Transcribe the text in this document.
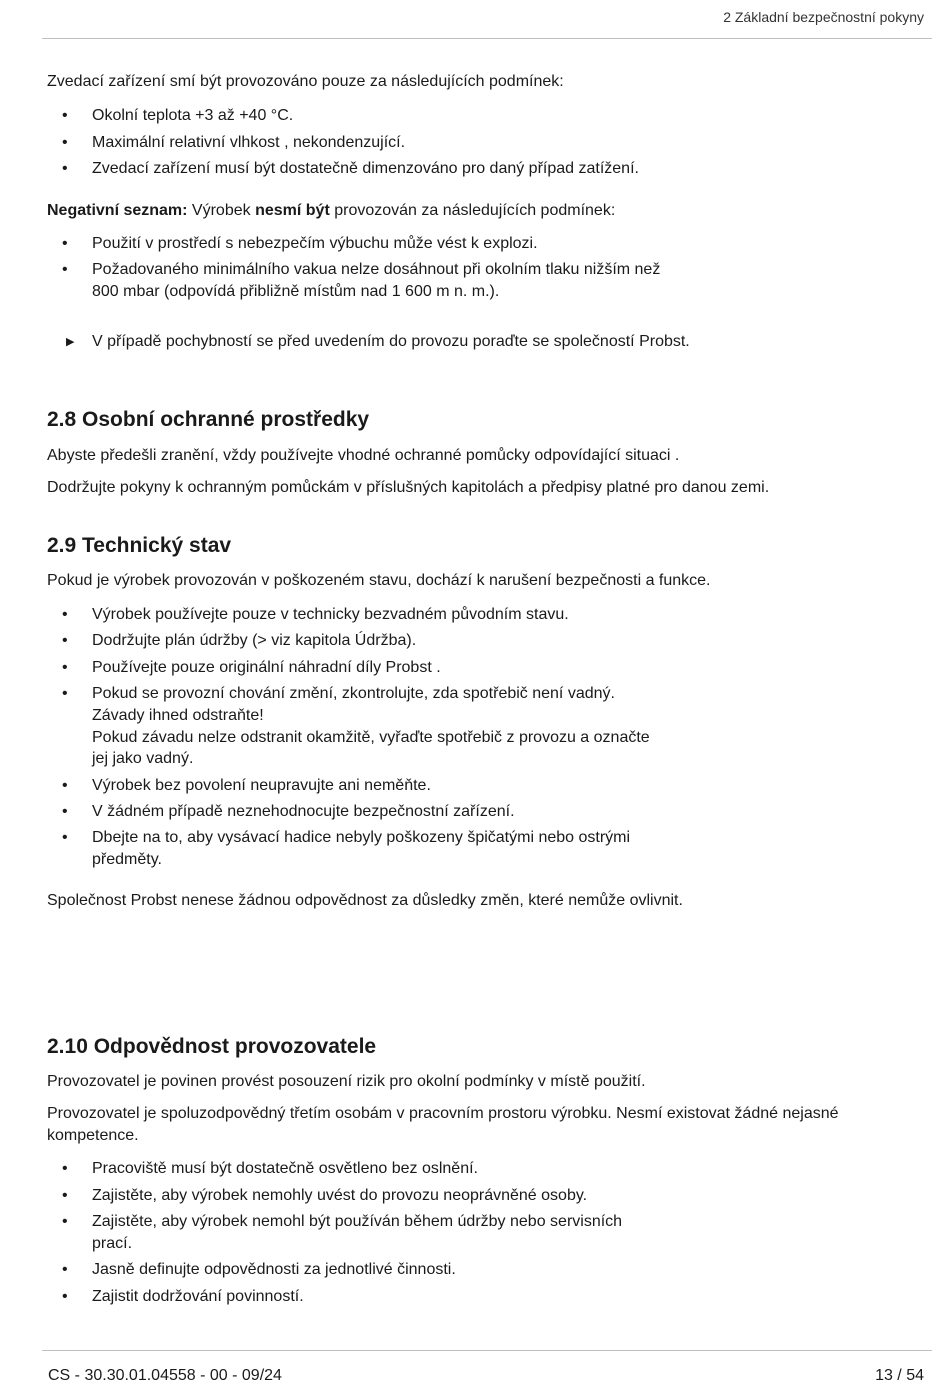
2 Základní bezpečnostní pokyny

Zvedací zařízení smí být provozováno pouze za následujících podmínek:

• Okolní teplota +3 až +40 °C.

• Maximální relativní vlhkost , nekondenzující.

• Zvedací zařízení musí být dostatečně dimenzováno pro daný případ zatížení.

Negativní seznam: Výrobek nesmí být provozován za následujících podmínek:

• Použití v prostředí s nebezpečím výbuchu může vést k explozi.

• Požadovaného minimálního vakua nelze dosáhnout při okolním tlaku nižším než

800 mbar (odpovídá přibližně místům nad 1 600 m n. m.).

▶ V případě pochybností se před uvedením do provozu poraďte se společností Probst.

2.8 Osobní ochranné prostředky

Abyste předešli zranění, vždy používejte vhodné ochranné pomůcky odpovídající situaci .

Dodržujte pokyny k ochranným pomůckám v příslušných kapitolách a předpisy platné pro danou zemi.

2.9 Technický stav

Pokud je výrobek provozován v poškozeném stavu, dochází k narušení bezpečnosti a funkce.

• Výrobek používejte pouze v technicky bezvadném původním stavu.

• Dodržujte plán údržby (> viz kapitola Údržba).

• Používejte pouze originální náhradní díly Probst .

• Pokud se provozní chování změní, zkontrolujte, zda spotřebič není vadný.

Závady ihned odstraňte!

Pokud závadu nelze odstranit okamžitě, vyřaďte spotřebič z provozu a označte

jej jako vadný.

• Výrobek bez povolení neupravujte ani neměňte.

• V žádném případě neznehodnocujte bezpečnostní zařízení.

• Dbejte na to, aby vysávací hadice nebyly poškozeny špičatými nebo ostrými

předměty.

Společnost Probst nenese žádnou odpovědnost za důsledky změn, které nemůže ovlivnit.

2.10 Odpovědnost provozovatele

Provozovatel je povinen provést posouzení rizik pro okolní podmínky v místě použití.

Provozovatel je spoluzodpovědný třetím osobám v pracovním prostoru výrobku. Nesmí existovat žádné nejasné

kompetence.

• Pracoviště musí být dostatečně osvětleno bez oslnění.

• Zajistěte, aby výrobek nemohly uvést do provozu neoprávněné osoby.

• Zajistěte, aby výrobek nemohl být používán během údržby nebo servisních

prací.

• Jasně definujte odpovědnosti za jednotlivé činnosti.

• Zajistit dodržování povinností.

CS - 30.30.01.04558 - 00 - 09/24	13 / 54
